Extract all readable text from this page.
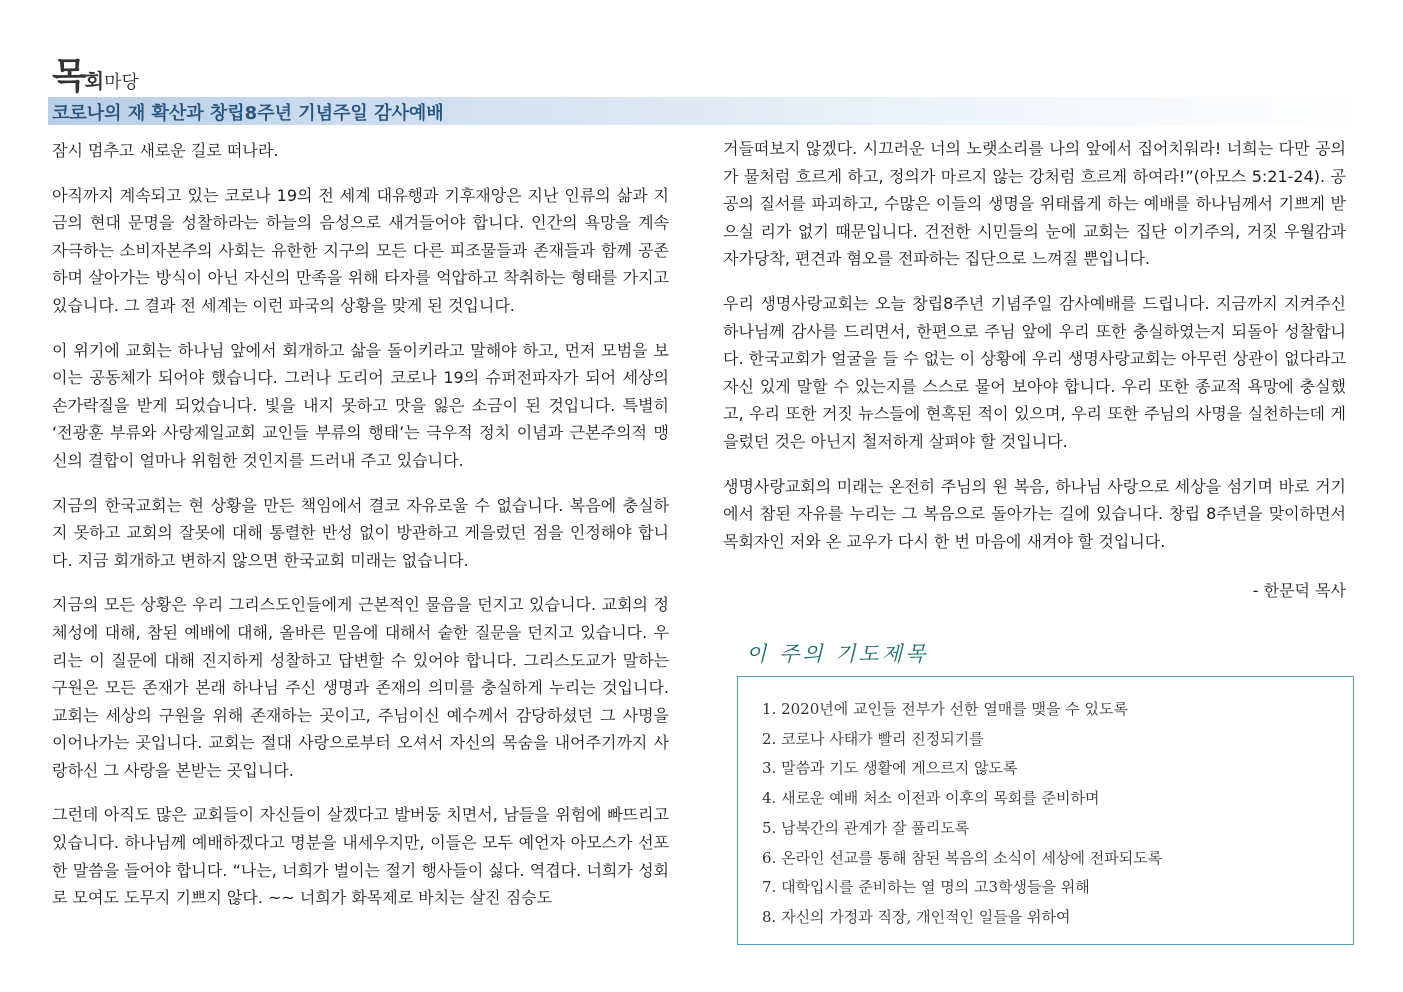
목회마당
코로나의 재 확산과 창립8주년 기념주일 감사예배

잠시 멈추고 새로운 길로 떠나라.

아직까지 계속되고 있는 코로나 19의 전 세계 대유행과 기후재앙은 지난 인류의 삶과 지금의 현대 문명을 성찰하라는 하늘의 음성으로 새겨들어야 합니다. 인간의 욕망을 계속 자극하는 소비자본주의 사회는 유한한 지구의 모든 다른 피조물들과 존재들과 함께 공존하며 살아가는 방식이 아닌 자신의 만족을 위해 타자를 억압하고 착취하는 형태를 가지고 있습니다. 그 결과 전 세계는 이런 파국의 상황을 맞게 된 것입니다.

이 위기에 교회는 하나님 앞에서 회개하고 삶을 돌이키라고 말해야 하고, 먼저 모범을 보이는 공동체가 되어야 했습니다. 그러나 도리어 코로나 19의 슈퍼전파자가 되어 세상의 손가락질을 받게 되었습니다. 빛을 내지 못하고 맛을 잃은 소금이 된 것입니다. 특별히 ‘전광훈 부류와 사랑제일교회 교인들 부류의 행태’는 극우적 정치 이념과 근본주의적 맹신의 결합이 얼마나 위험한 것인지를 드러내 주고 있습니다.

지금의 한국교회는 현 상황을 만든 책임에서 결코 자유로울 수 없습니다. 복음에 충실하지 못하고 교회의 잘못에 대해 통렬한 반성 없이 방관하고 게을렀던 점을 인정해야 합니다. 지금 회개하고 변하지 않으면 한국교회 미래는 없습니다.

지금의 모든 상황은 우리 그리스도인들에게 근본적인 물음을 던지고 있습니다. 교회의 정체성에 대해, 참된 예배에 대해, 올바른 믿음에 대해서 숱한 질문을 던지고 있습니다. 우리는 이 질문에 대해 진지하게 성찰하고 답변할 수 있어야 합니다. 그리스도교가 말하는 구원은 모든 존재가 본래 하나님 주신 생명과 존재의 의미를 충실하게 누리는 것입니다. 교회는 세상의 구원을 위해 존재하는 곳이고, 주님이신 예수께서 감당하셨던 그 사명을 이어나가는 곳입니다. 교회는 절대 사랑으로부터 오셔서 자신의 목숨을 내어주기까지 사랑하신 그 사랑을 본받는 곳입니다.

그런데 아직도 많은 교회들이 자신들이 살겠다고 발버둥 치면서, 남들을 위험에 빠뜨리고 있습니다. 하나님께 예배하겠다고 명분을 내세우지만, 이들은 모두 예언자 아모스가 선포한 말씀을 들어야 합니다. “나는, 너희가 벌이는 절기 행사들이 싫다. 역겹다. 너희가 성회로 모여도 도무지 기쁘지 않다. ~~ 너희가 화목제로 바치는 살진 짐승도

거들떠보지 않겠다. 시끄러운 너의 노랫소리를 나의 앞에서 집어치워라! 너희는 다만 공의가 물처럼 흐르게 하고, 정의가 마르지 않는 강처럼 흐르게 하여라!”(아모스 5:21-24). 공공의 질서를 파괴하고, 수많은 이들의 생명을 위태롭게 하는 예배를 하나님께서 기쁘게 받으실 리가 없기 때문입니다. 건전한 시민들의 눈에 교회는 집단 이기주의, 거짓 우월감과 자가당착, 편견과 혐오를 전파하는 집단으로 느껴질 뿐입니다.

우리 생명사랑교회는 오늘 창립8주년 기념주일 감사예배를 드립니다. 지금까지 지켜주신 하나님께 감사를 드리면서, 한편으로 주님 앞에 우리 또한 충실하였는지 되돌아 성찰합니다. 한국교회가 얼굴을 들 수 없는 이 상황에 우리 생명사랑교회는 아무런 상관이 없다라고 자신 있게 말할 수 있는지를 스스로 물어 보아야 합니다. 우리 또한 종교적 욕망에 충실했고, 우리 또한 거짓 뉴스들에 현혹된 적이 있으며, 우리 또한 주님의 사명을 실천하는데 게을렀던 것은 아닌지 철저하게 살펴야 할 것입니다.

생명사랑교회의 미래는 온전히 주님의 원 복음, 하나님 사랑으로 세상을 섬기며 바로 거기에서 참된 자유를 누리는 그 복음으로 돌아가는 길에 있습니다. 창립 8주년을 맞이하면서 목회자인 저와 온 교우가 다시 한 번 마음에 새겨야 할 것입니다.

- 한문덕 목사
이 주의 기도제목
1. 2020년에 교인들 전부가 선한 열매를 맺을 수 있도록
2. 코로나 사태가 빨리 진정되기를
3. 말씀과 기도 생활에 게으르지 않도록
4. 새로운 예배 처소 이전과 이후의 목회를 준비하며
5. 남북간의 관계가 잘 풀리도록
6. 온라인 선교를 통해 참된 복음의 소식이 세상에 전파되도록
7. 대학입시를 준비하는 열 명의 고3학생들을 위해
8. 자신의 가정과 직장, 개인적인 일들을 위하여
